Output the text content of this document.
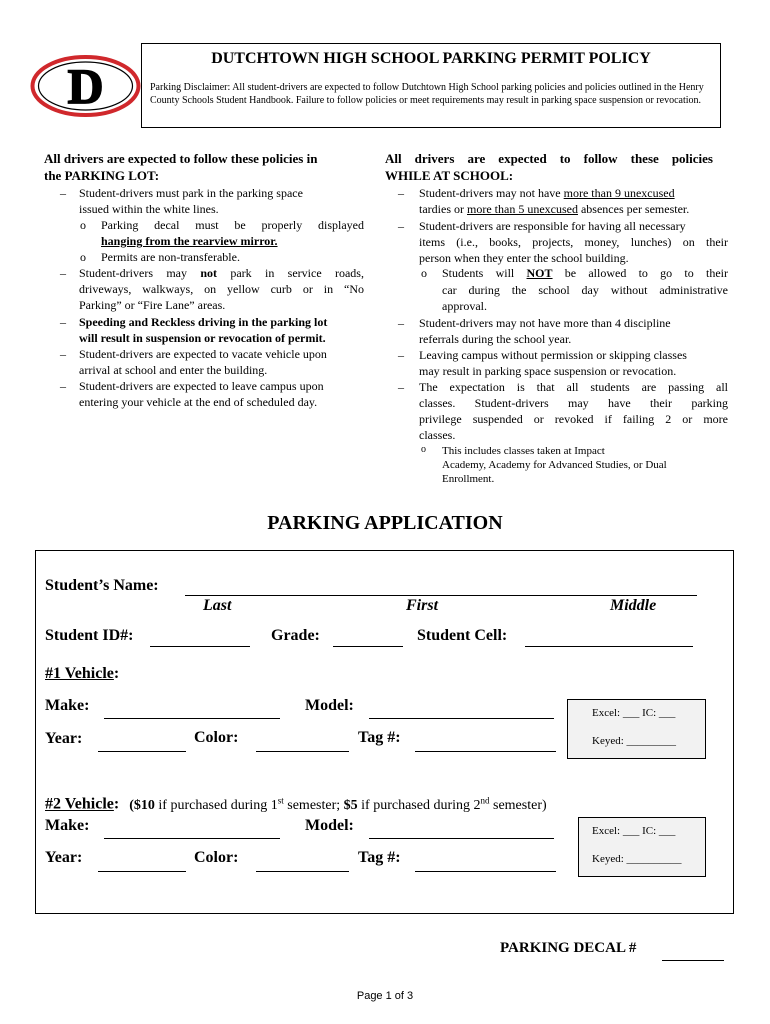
D	DUTCHTOWN HIGH SCHOOL PARKING PERMIT POLICY
Parking Disclaimer: All student-drivers are expected to follow Dutchtown High School parking policies and policies outlined in the Henry County Schools Student Handbook. Failure to follow policies or meet requirements may result in parking space suspension or revocation.
All drivers are expected to follow these policies in
the PARKING LOT:
_ Student-drivers must park in the parking space
issued within the white lines.
o Parking decal must be properly displayed
hanging from the rearview mirror.
o Permits are non-transferable.
_ Student-drivers may not park in service roads,
driveways, walkways, on yellow curb or in “No
Parking” or “Fire Lane” areas.
_ Speeding and Reckless driving in the parking lot
will result in suspension or revocation of permit.
_ Student-drivers are expected to vacate vehicle upon
arrival at school and enter the building.
_ Student-drivers are expected to leave campus upon
entering your vehicle at the end of scheduled day.
All drivers are expected to follow these policies
WHILE AT SCHOOL:
_ Student-drivers may not have more than 9 unexcused
tardies or more than 5 unexcused absences per semester.
_ Student-drivers are responsible for having all necessary
items (i.e., books, projects, money, lunches) on their
person when they enter the school building.
o Students will NOT be allowed to go to their
car during the school day without administrative
approval.
_ Student-drivers may not have more than 4 discipline
referrals during the school year.
_ Leaving campus without permission or skipping classes
may result in parking space suspension or revocation.
_ The expectation is that all students are passing all
classes. Student-drivers may have their parking
privilege suspended or revoked if failing 2 or more
classes.
o This includes classes taken at Impact
Academy, Academy for Advanced Studies, or Dual
Enrollment.
PARKING APPLICATION
Student’s Name:
Last	First	Middle
Student ID#:	Grade:	Student Cell:
#1 Vehicle:
Make:	Model:
Year:	Color:	Tag #:
Excel: ___ IC: ___
Keyed: _________
#2 Vehicle: ($10 if purchased during 1st semester; $5 if purchased during 2nd semester)
Make:	Model:
Year:	Color:	Tag #:
Excel: ___ IC: ___
Keyed: __________
PARKING DECAL #
Page 1 of 3
